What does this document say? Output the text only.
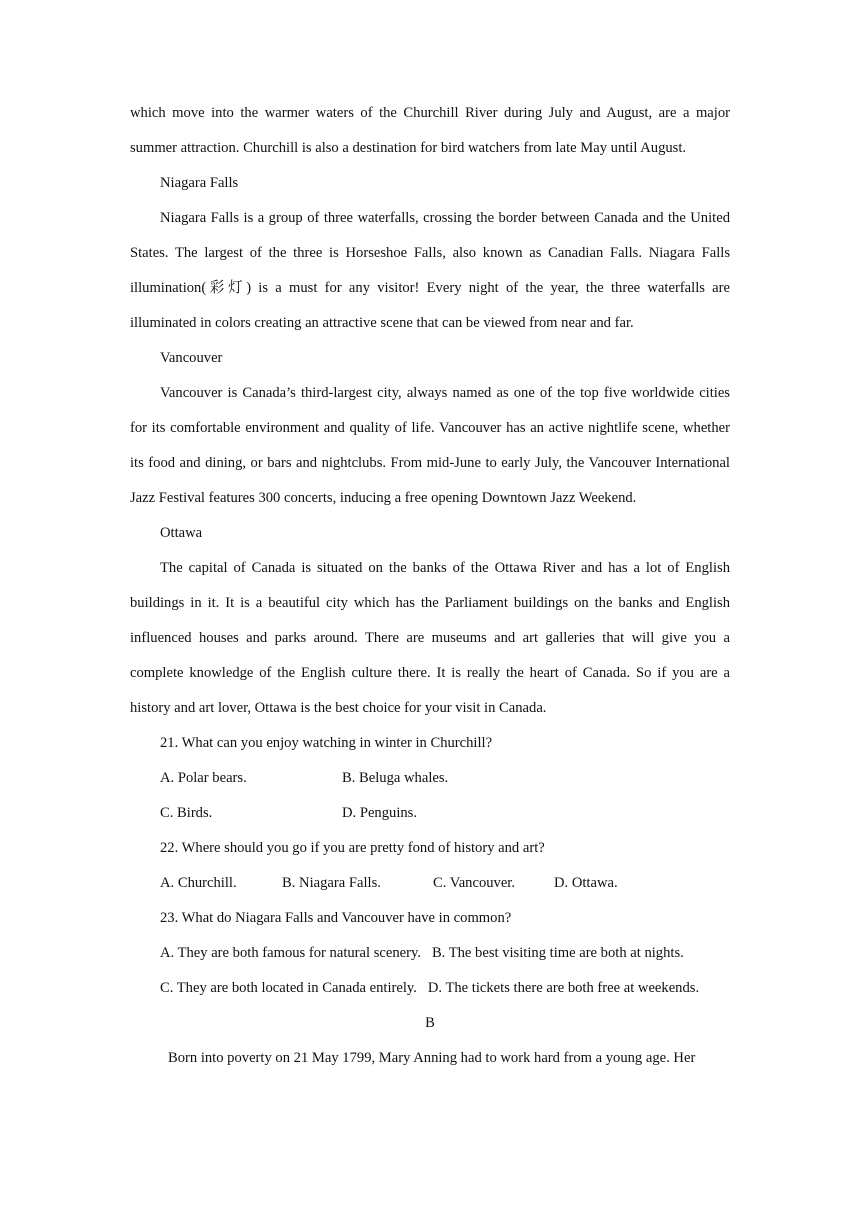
which move into the warmer waters of the Churchill River during July and August, are a major summer attraction. Churchill is also a destination for bird watchers from late May until August.

Niagara Falls

Niagara Falls is a group of three waterfalls, crossing the border between Canada and the United States. The largest of the three is Horseshoe Falls, also known as Canadian Falls. Niagara Falls illumination(彩灯) is a must for any visitor! Every night of the year, the three waterfalls are illuminated in colors creating an attractive scene that can be viewed from near and far.

Vancouver

Vancouver is Canada’s third-largest city, always named as one of the top five worldwide cities for its comfortable environment and quality of life. Vancouver has an active nightlife scene, whether its food and dining, or bars and nightclubs. From mid-June to early July, the Vancouver International Jazz Festival features 300 concerts, inducing a free opening Downtown Jazz Weekend.

Ottawa

The capital of Canada is situated on the banks of the Ottawa River and has a lot of English buildings in it. It is a beautiful city which has the Parliament buildings on the banks and English influenced houses and parks around. There are museums and art galleries that will give you a complete knowledge of the English culture there. It is really the heart of Canada. So if you are a history and art lover, Ottawa is the best choice for your visit in Canada.

21. What can you enjoy watching in winter in Churchill?

A. Polar bears.	B. Beluga whales.

C. Birds.	D. Penguins.

22. Where should you go if you are pretty fond of history and art?

A. Churchill.	B. Niagara Falls.	C. Vancouver.	D. Ottawa.

23. What do Niagara Falls and Vancouver have in common?

A. They are both famous for natural scenery. B. The best visiting time are both at nights.

C. They are both located in Canada entirely. D. The tickets there are both free at weekends.

B

Born into poverty on 21 May 1799, Mary Anning had to work hard from a young age. Her
